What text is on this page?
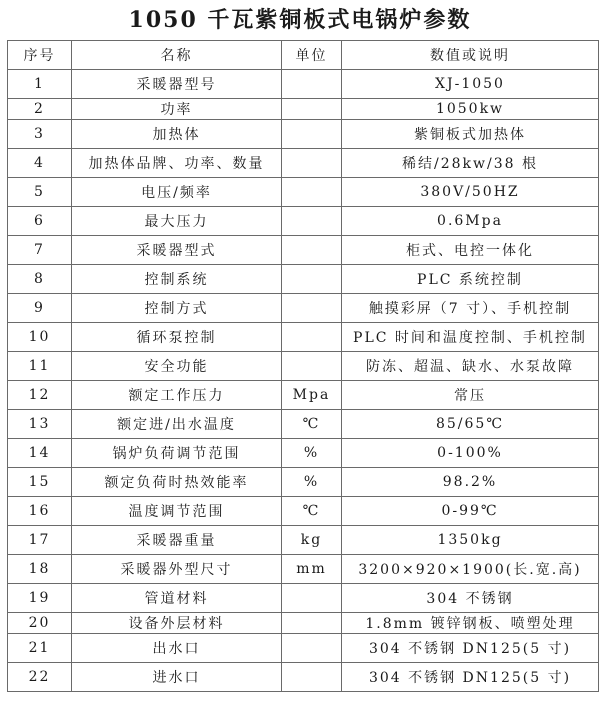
1050 千瓦紫铜板式电锅炉参数
序号	名称	单位	数值或说明
1	采暖器型号		XJ-1050
2	功率		1050kw
3	加热体		紫铜板式加热体
4	加热体品牌、功率、数量		稀结/28kw/38 根
5	电压/频率		380V/50HZ
6	最大压力		0.6Mpa
7	采暖器型式		柜式、电控一体化
8	控制系统		PLC 系统控制
9	控制方式		触摸彩屏（7 寸）、手机控制
10	循环泵控制		PLC 时间和温度控制、手机控制
11	安全功能		防冻、超温、缺水、水泵故障
12	额定工作压力	Mpa	常压
13	额定进/出水温度	℃	85/65℃
14	锅炉负荷调节范围	%	0-100%
15	额定负荷时热效能率	%	98.2%
16	温度调节范围	℃	0-99℃
17	采暖器重量	kg	1350kg
18	采暖器外型尺寸	mm	3200×920×1900(长.宽.高)
19	管道材料		304 不锈钢
20	设备外层材料		1.8mm 镀锌钢板、喷塑处理
21	出水口		304 不锈钢 DN125(5 寸)
22	进水口		304 不锈钢 DN125(5 寸)
